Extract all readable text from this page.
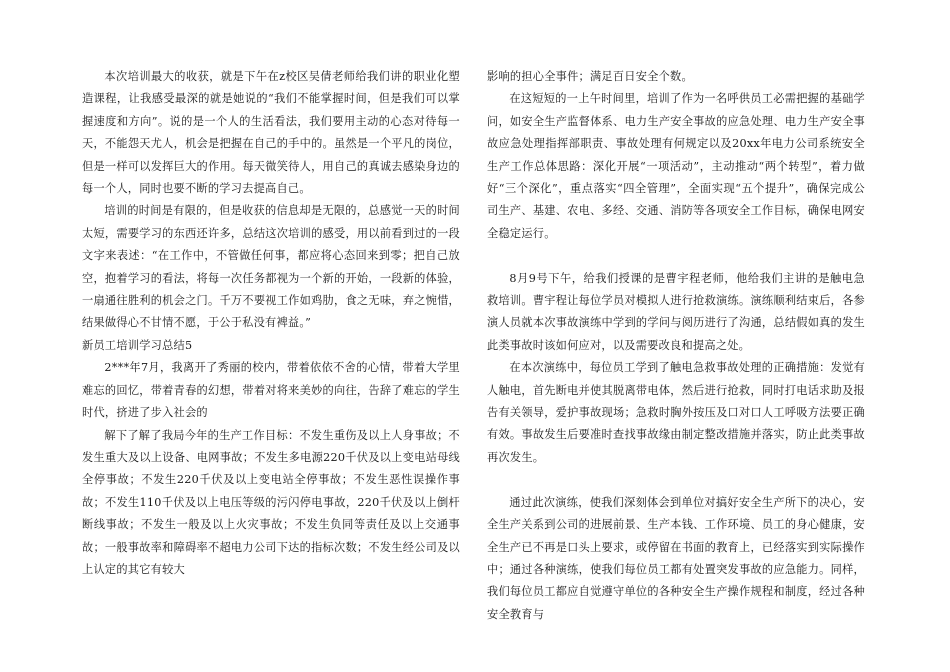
本次培训最大的收获，就是下午在z校区吴倩老师给我们讲的职业化塑造课程，让我感受最深的就是她说的“我们不能掌握时间，但是我们可以掌握速度和方向”。说的是一个人的生活看法，我们要用主动的心态对待每一天，不能怨天尤人，机会是把握在自己的手中的。虽然是一个平凡的岗位，但是一样可以发挥巨大的作用。每天微笑待人，用自己的真诚去感染身边的每一个人，同时也要不断的学习去提高自己。

培训的时间是有限的，但是收获的信息却是无限的，总感觉一天的时间太短，需要学习的东西还许多，总结这次培训的感受，用以前看到过的一段文字来表述：“在工作中，不管做任何事，都应将心态回来到零；把自己放空，抱着学习的看法，将每一次任务都视为一个新的开始，一段新的体验，一扇通往胜利的机会之门。千万不要视工作如鸡肋，食之无味，弃之惋惜，结果做得心不甘情不愿，于公于私没有裨益。”

新员工培训学习总结5

2***年7月，我离开了秀丽的校内，带着依依不舍的心情，带着大学里难忘的回忆，带着青春的幻想，带着对将来美妙的向往，告辞了难忘的学生时代，挤进了步入社会的

解下了解了我局今年的生产工作目标：不发生重伤及以上人身事故；不发生重大及以上设备、电网事故；不发生多电源220千伏及以上变电站母线全停事故；不发生220千伏及以上变电站全停事故；不发生恶性误操作事故；不发生110千伏及以上电压等级的污闪停电事故，220千伏及以上倒杆断线事故；不发生一般及以上火灾事故；不发生负同等责任及以上交通事故；一般事故率和障碍率不超电力公司下达的指标次数；不发生经公司及以上认定的其它有较大

影响的担心全事件；满足百日安全个数。

在这短短的一上午时间里，培训了作为一名呼供员工必需把握的基础学问，如安全生产监督体系、电力生产安全事故的应急处理、电力生产安全事故应急处理指挥部职责、事故处理有何规定以及20xx年电力公司系统安全生产工作总体思路：深化开展“一项活动”，主动推动“两个转型”，着力做好“三个深化”，重点落实“四全管理”，全面实现“五个提升”，确保完成公司生产、基建、农电、多经、交通、消防等各项安全工作目标，确保电网安全稳定运行。

8月9号下午，给我们授课的是曹宇程老师，他给我们主讲的是触电急救培训。曹宇程让每位学员对模拟人进行抢救演练。演练顺利结束后，各参演人员就本次事故演练中学到的学问与阅历进行了沟通，总结假如真的发生此类事故时该如何应对，以及需要改良和提高之处。

在本次演练中，每位员工学到了触电急救事故处理的正确措施：发觉有人触电，首先断电并使其脱离带电体，然后进行抢救，同时打电话求助及报告有关领导，爱护事故现场；急救时胸外按压及口对口人工呼吸方法要正确有效。事故发生后要准时查找事故缘由制定整改措施并落实，防止此类事故再次发生。

通过此次演练，使我们深刻体会到单位对搞好安全生产所下的决心，安全生产关系到公司的进展前景、生产本钱、工作环境、员工的身心健康，安全生产已不再是口头上要求，或停留在书面的教育上，已经落实到实际操作中；通过各种演练，使我们每位员工都有处置突发事故的应急能力。同样，我们每位员工都应自觉遵守单位的各种安全生产操作规程和制度，经过各种安全教育与
